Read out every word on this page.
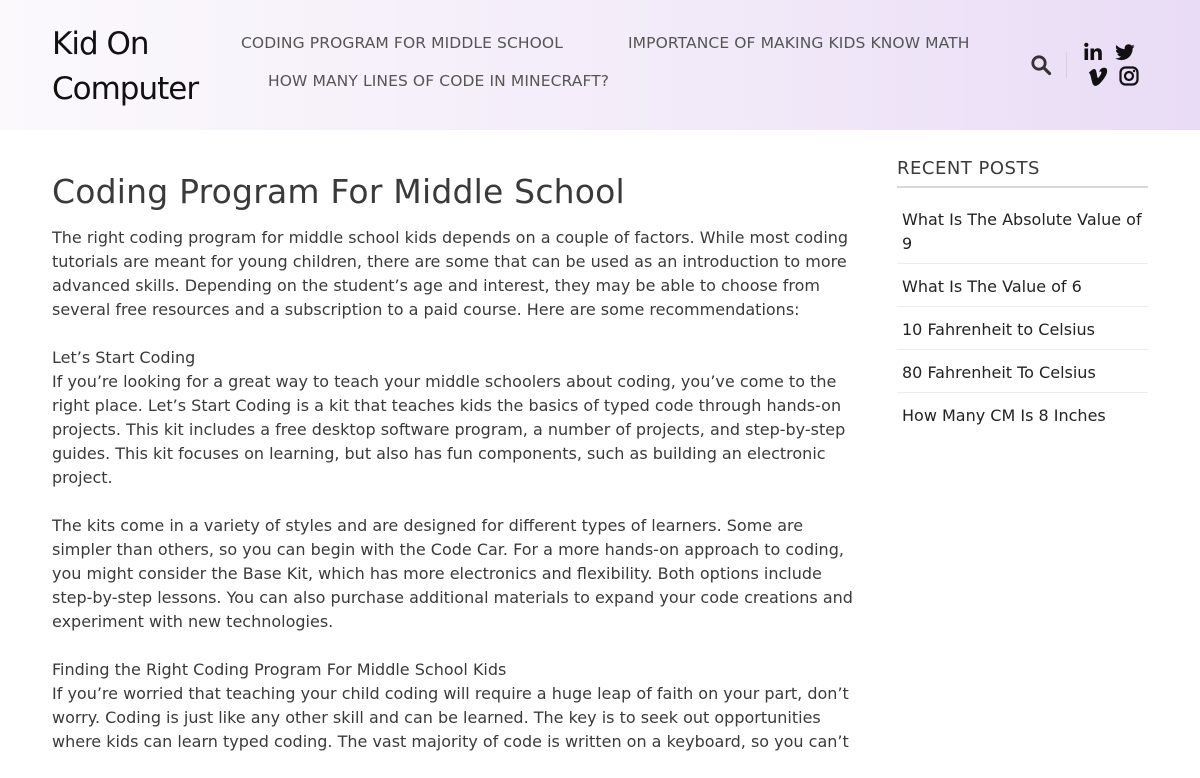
Kid On
Computer
CODING PROGRAM FOR MIDDLE SCHOOL	IMPORTANCE OF MAKING KIDS KNOW MATH
HOW MANY LINES OF CODE IN MINECRAFT?
Coding Program For Middle School

The right coding program for middle school kids depends on a couple of factors. While most coding tutorials are meant for young children, there are some that can be used as an introduction to more advanced skills. Depending on the student’s age and interest, they may be able to choose from several free resources and a subscription to a paid course. Here are some recommendations:

Let’s Start Coding
If you’re looking for a great way to teach your middle schoolers about coding, you’ve come to the right place. Let’s Start Coding is a kit that teaches kids the basics of typed code through hands-on projects. This kit includes a free desktop software program, a number of projects, and step-by-step guides. This kit focuses on learning, but also has fun components, such as building an electronic project.

The kits come in a variety of styles and are designed for different types of learners. Some are simpler than others, so you can begin with the Code Car. For a more hands-on approach to coding, you might consider the Base Kit, which has more electronics and flexibility. Both options include step-by-step lessons. You can also purchase additional materials to expand your code creations and experiment with new technologies.

Finding the Right Coding Program For Middle School Kids
If you’re worried that teaching your child coding will require a huge leap of faith on your part, don’t worry. Coding is just like any other skill and can be learned. The key is to seek out opportunities where kids can learn typed coding. The vast majority of code is written on a keyboard, so you can’t

RECENT POSTS
What Is The Absolute Value of 9
What Is The Value of 6
10 Fahrenheit to Celsius
80 Fahrenheit To Celsius
How Many CM Is 8 Inches
